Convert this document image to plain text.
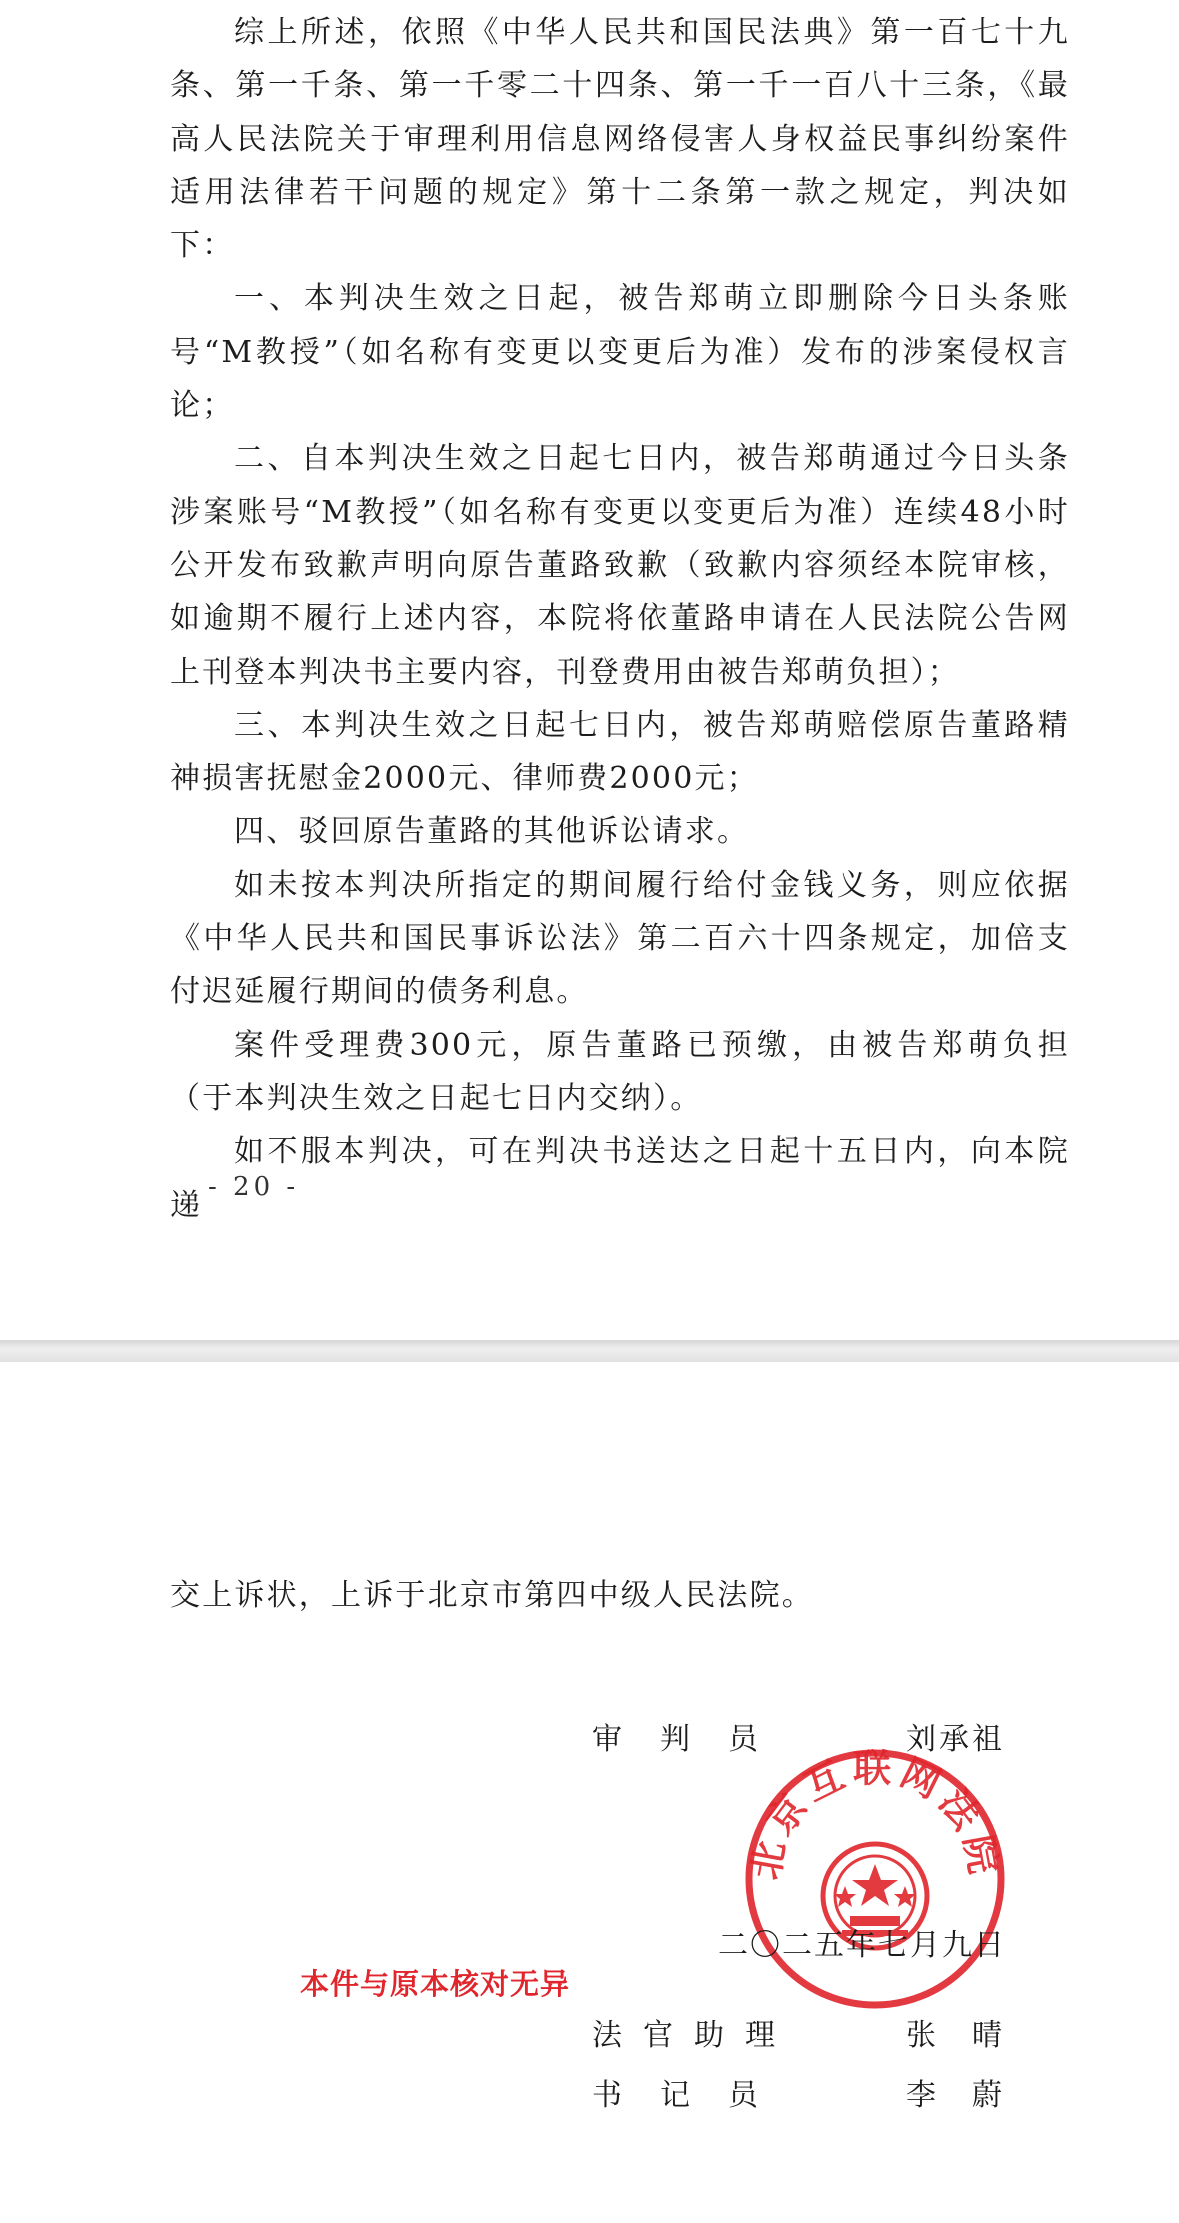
综上所述，依照《中华人民共和国民法典》第一百七十九条、第一千条、第一千零二十四条、第一千一百八十三条，《最高人民法院关于审理利用信息网络侵害人身权益民事纠纷案件适用法律若干问题的规定》第十二条第一款之规定，判决如下：

一、本判决生效之日起，被告郑萌立即删除今日头条账号“M教授”（如名称有变更以变更后为准）发布的涉案侵权言论；

二、自本判决生效之日起七日内，被告郑萌通过今日头条涉案账号“M教授”（如名称有变更以变更后为准）连续48小时公开发布致歉声明向原告董路致歉（致歉内容须经本院审核，如逾期不履行上述内容，本院将依董路申请在人民法院公告网上刊登本判决书主要内容，刊登费用由被告郑萌负担）；

三、本判决生效之日起七日内，被告郑萌赔偿原告董路精神损害抚慰金2000元、律师费2000元；

四、驳回原告董路的其他诉讼请求。

如未按本判决所指定的期间履行给付金钱义务，则应依据《中华人民共和国民事诉讼法》第二百六十四条规定，加倍支付迟延履行期间的债务利息。

案件受理费300元，原告董路已预缴，由被告郑萌负担（于本判决生效之日起七日内交纳）。

如不服本判决，可在判决书送达之日起十五日内，向本院递

- 20 -
交上诉状，上诉于北京市第四中级人民法院。
审判员	刘承祖
北京互联网法院
二〇二五年七月九日
本件与原本核对无异
法官助理	张晴
书记员	李蔚
